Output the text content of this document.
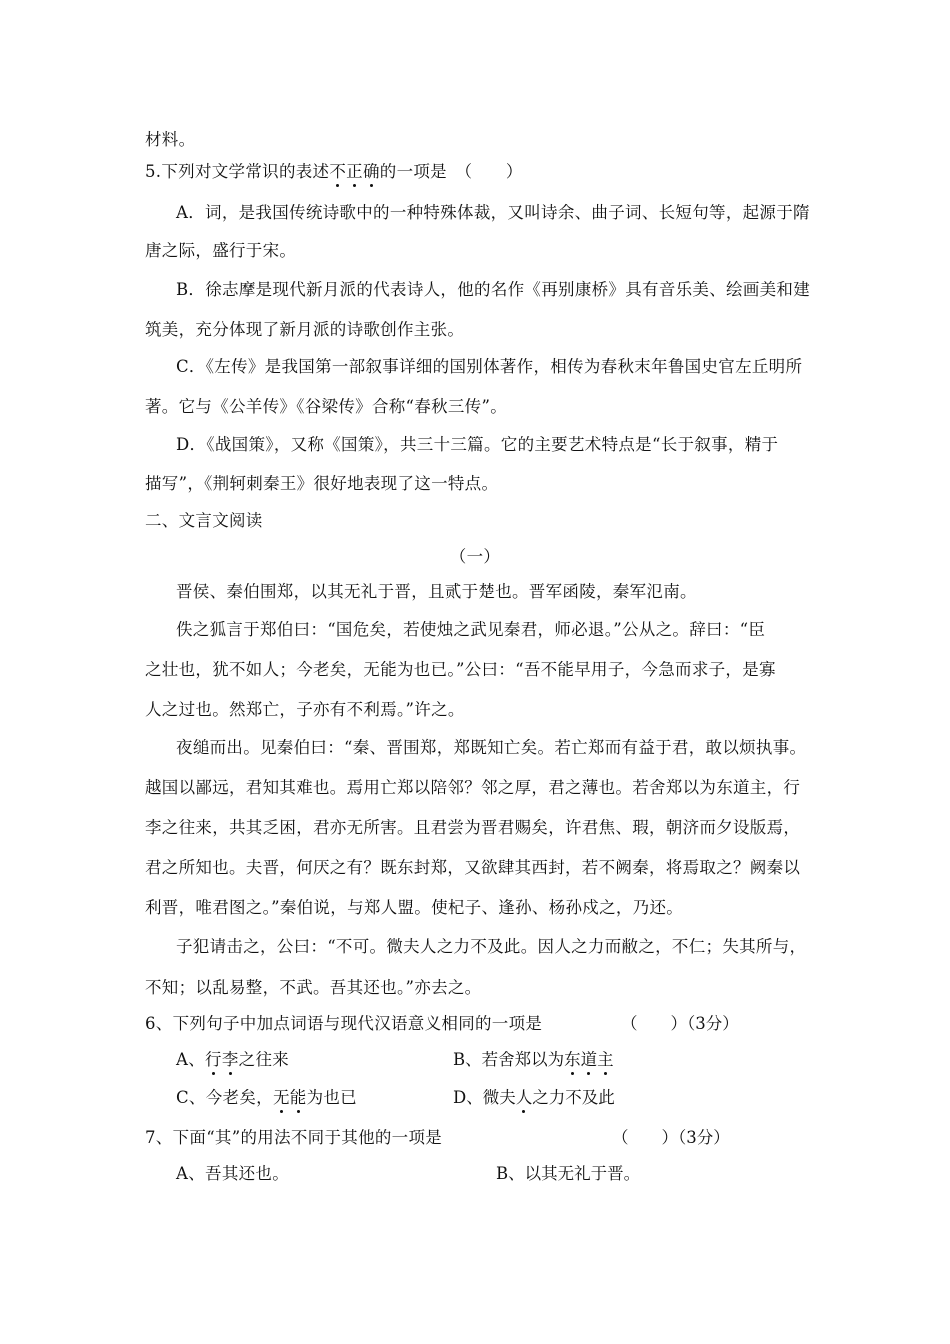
材料。
5.下列对文学常识的表述不正确的一项是　（　　）
A．词，是我国传统诗歌中的一种特殊体裁，又叫诗余、曲子词、长短句等，起源于隋
唐之际，盛行于宋。
B．徐志摩是现代新月派的代表诗人，他的名作《再别康桥》具有音乐美、绘画美和建
筑美，充分体现了新月派的诗歌创作主张。
C．《左传》是我国第一部叙事详细的国别体著作，相传为春秋末年鲁国史官左丘明所
著。它与《公羊传》《谷梁传》合称“春秋三传”。
D．《战国策》，又称《国策》，共三十三篇。它的主要艺术特点是“长于叙事，精于
描写”，《荆轲刺秦王》很好地表现了这一特点。
二、文言文阅读
（一）
晋侯、秦伯围郑，以其无礼于晋，且贰于楚也。晋军函陵，秦军氾南。
佚之狐言于郑伯曰：“国危矣，若使烛之武见秦君，师必退。”公从之。辞曰：“臣
之壮也，犹不如人；今老矣，无能为也已。”公曰：“吾不能早用子，今急而求子，是寡
人之过也。然郑亡，子亦有不利焉。”许之。
夜缒而出。见秦伯曰：“秦、晋围郑，郑既知亡矣。若亡郑而有益于君，敢以烦执事。
越国以鄙远，君知其难也。焉用亡郑以陪邻？邻之厚，君之薄也。若舍郑以为东道主，行
李之往来，共其乏困，君亦无所害。且君尝为晋君赐矣，许君焦、瑕，朝济而夕设版焉，
君之所知也。夫晋，何厌之有？既东封郑，又欲肆其西封，若不阙秦，将焉取之？阙秦以
利晋，唯君图之。”秦伯说，与郑人盟。使杞子、逢孙、杨孙戍之，乃还。
子犯请击之，公曰：“不可。微夫人之力不及此。因人之力而敝之，不仁；失其所与，
不知；以乱易整，不武。吾其还也。”亦去之。
6、下列句子中加点词语与现代汉语意义相同的一项是	（　　）（3分）
A、行李之往来	B、若舍郑以为东道主
C、今老矣，无能为也已	D、微夫人之力不及此
7、下面“其”的用法不同于其他的一项是	（　　）（3分）
A、吾其还也。	B、以其无礼于晋。
